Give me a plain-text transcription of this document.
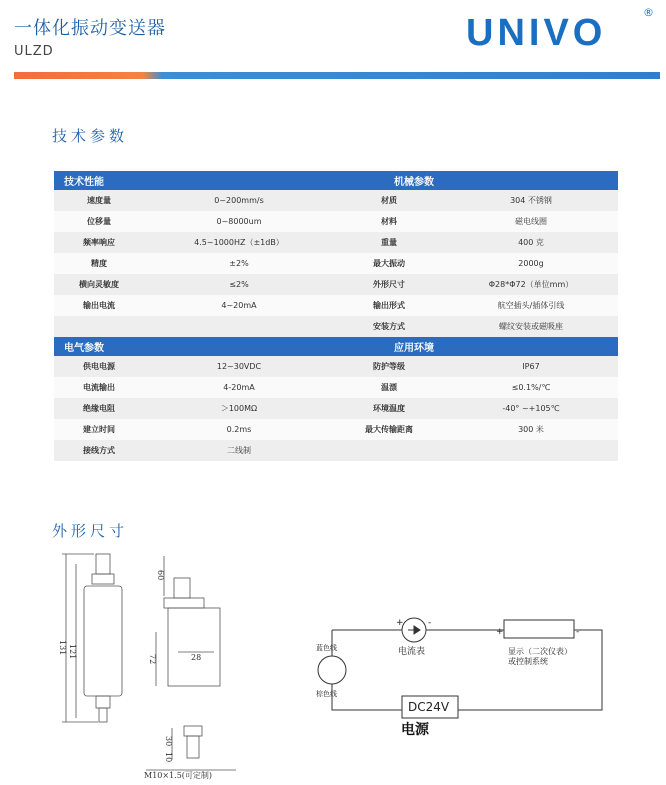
一体化振动变送器
ULZD	UNIVO	®
技术参数
技术性能		机械参数	
速度量	0~200mm/s	材质	304 不锈钢
位移量	0~8000um	材料	磁电线圈
频率响应	4.5~1000HZ（±1dB）	重量	400 克
精度	±2%	最大振动	2000g
横向灵敏度	≤2%	外形尺寸	Φ28*Φ72（单位mm）
输出电流	4~20mA	输出形式	航空插头/插体引线
		安装方式	螺纹安装或磁吸座
电气参数		应用环境	
供电电源	12~30VDC	防护等级	IP67
电流输出	4-20mA	温漂	≤0.1%/℃
绝缘电阻	＞100MΩ	环境温度	-40° ~+105℃
建立时间	0.2ms	最大传输距离	300 米
接线方式	二线制		
外形尺寸
131 121	72	28
60
30
10
M10×1.5(可定制)
+	-
+	-
电流表	显示（二次仪表）
或控制系统
蓝色线
棕色线
DC24V
电源
